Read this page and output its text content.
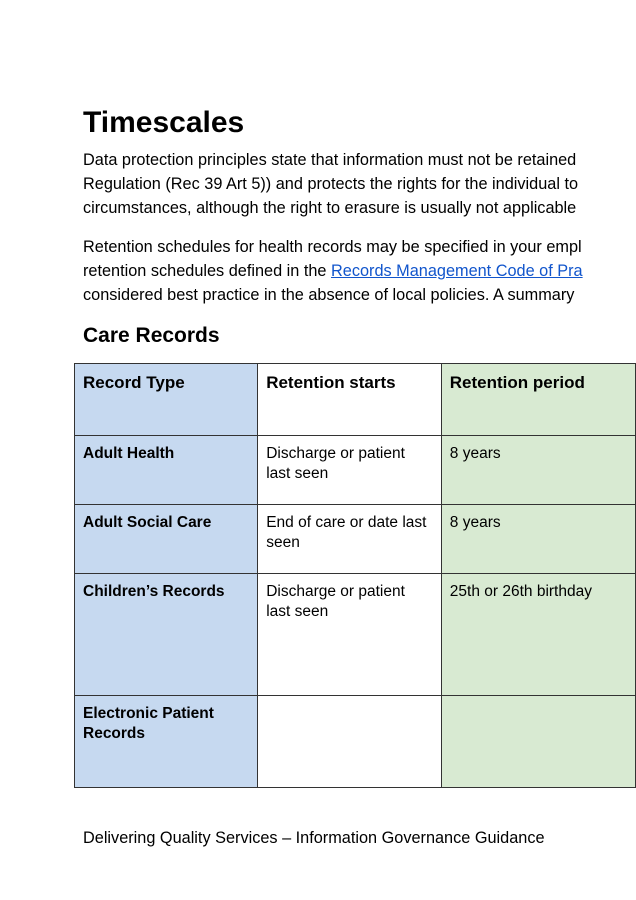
Timescales
Data protection principles state that information must not be retained
Regulation (Rec 39 Art 5)) and protects the rights for the individual to
circumstances, although the right to erasure is usually not applicable
Retention schedules for health records may be specified in your empl
retention schedules defined in the Records Management Code of Pra
considered best practice in the absence of local policies. A summary
Care Records
Record Type	Retention starts	Retention period
Adult Health	Discharge or patient last seen	8 years
Adult Social Care	End of care or date last seen	8 years
Children’s Records	Discharge or patient last seen	25th or 26th birthday
Electronic Patient Records		
Delivering Quality Services – Information Governance Guidance
